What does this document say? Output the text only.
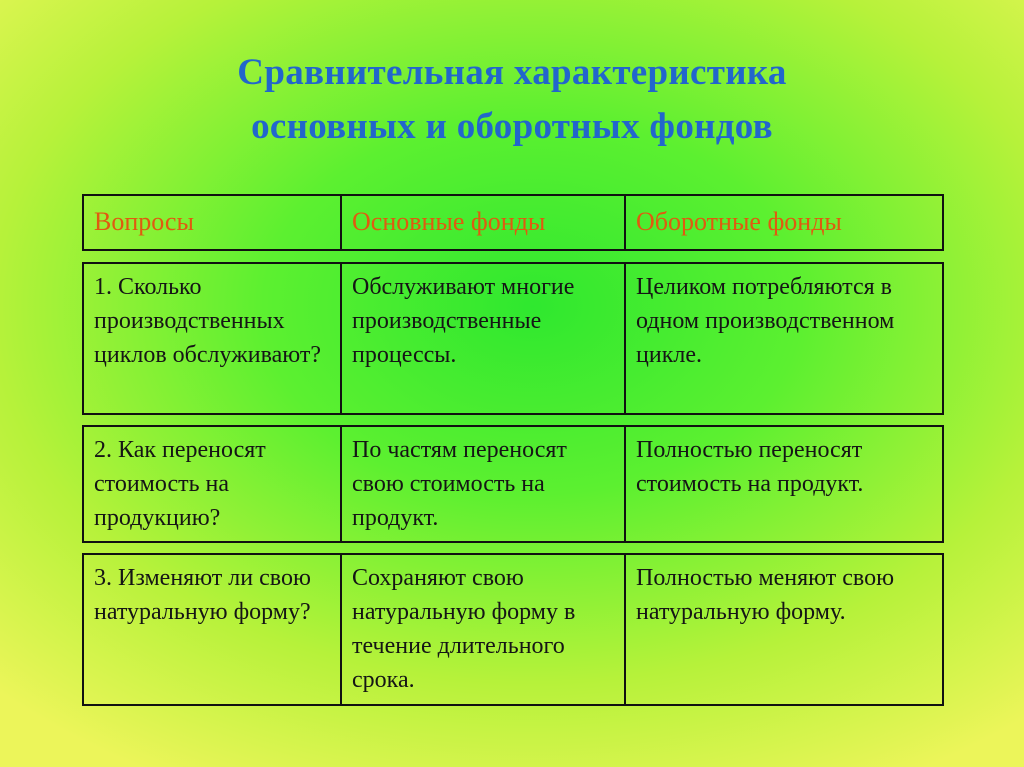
Сравнительная характеристика
основных и оборотных фондов
Вопросы	Основные фонды	Оборотные фонды
1. Сколько производственных циклов обслуживают?
Обслуживают многие производственные процессы.
Целиком потребляются в одном производственном цикле.
2. Как переносят стоимость на продукцию?
По частям переносят свою стоимость на продукт.
Полностью переносят стоимость на продукт.
3. Изменяют ли свою натуральную форму?
Сохраняют свою натуральную форму в течение длительного срока.
Полностью меняют свою натуральную форму.
